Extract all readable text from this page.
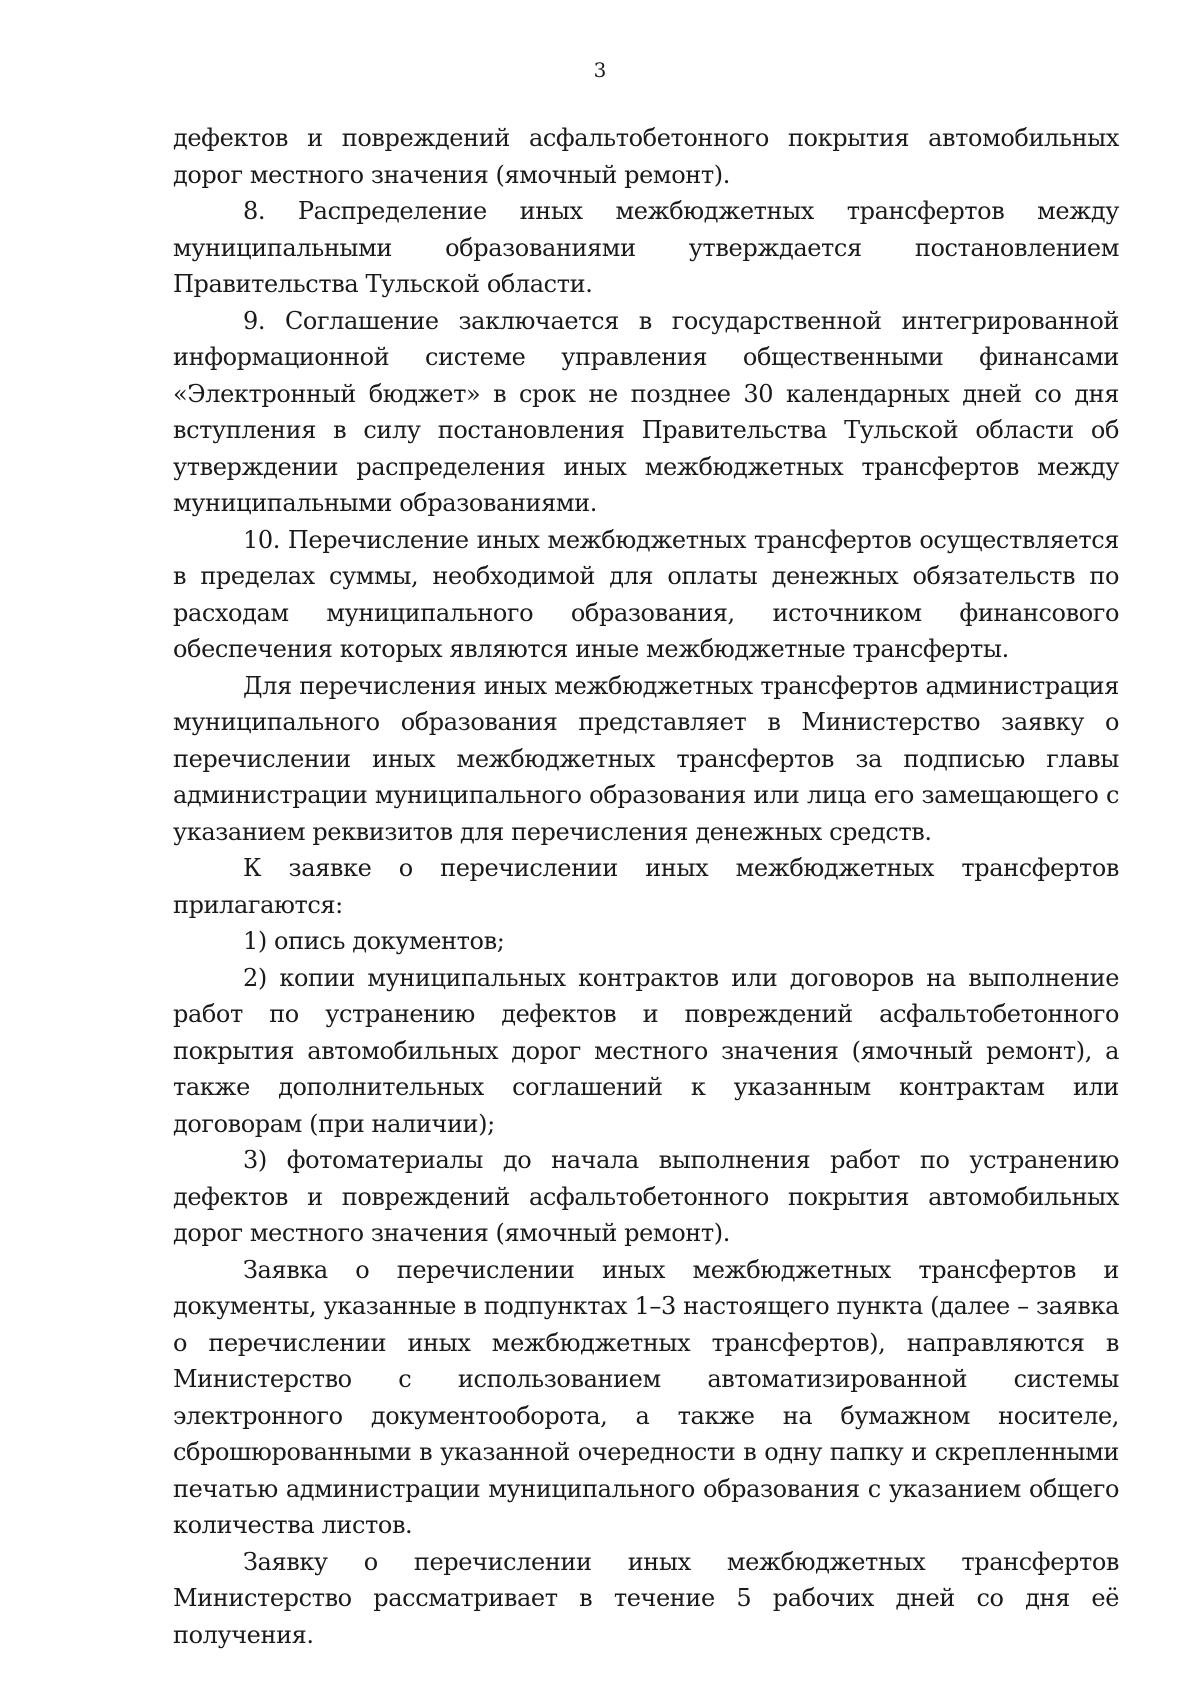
3

дефектов и повреждений асфальтобетонного покрытия автомобильных дорог местного значения (ямочный ремонт).

8. Распределение иных межбюджетных трансфертов между муниципальными образованиями утверждается постановлением Правительства Тульской области.

9. Соглашение заключается в государственной интегрированной информационной системе управления общественными финансами «Электронный бюджет» в срок не позднее 30 календарных дней со дня вступления в силу постановления Правительства Тульской области об утверждении распределения иных межбюджетных трансфертов между муниципальными образованиями.

10. Перечисление иных межбюджетных трансфертов осуществляется в пределах суммы, необходимой для оплаты денежных обязательств по расходам муниципального образования, источником финансового обеспечения которых являются иные межбюджетные трансферты.

Для перечисления иных межбюджетных трансфертов администрация муниципального образования представляет в Министерство заявку о перечислении иных межбюджетных трансфертов за подписью главы администрации муниципального образования или лица его замещающего с указанием реквизитов для перечисления денежных средств.

К заявке о перечислении иных межбюджетных трансфертов прилагаются:

1) опись документов;

2) копии муниципальных контрактов или договоров на выполнение работ по устранению дефектов и повреждений асфальтобетонного покрытия автомобильных дорог местного значения (ямочный ремонт), а также дополнительных соглашений к указанным контрактам или договорам (при наличии);

3) фотоматериалы до начала выполнения работ по устранению дефектов и повреждений асфальтобетонного покрытия автомобильных дорог местного значения (ямочный ремонт).

Заявка о перечислении иных межбюджетных трансфертов и документы, указанные в подпунктах 1–3 настоящего пункта (далее – заявка о перечислении иных межбюджетных трансфертов), направляются в Министерство с использованием автоматизированной системы электронного документооборота, а также на бумажном носителе, сброшюрованными в указанной очередности в одну папку и скрепленными печатью администрации муниципального образования с указанием общего количества листов.

Заявку о перечислении иных межбюджетных трансфертов Министерство рассматривает в течение 5 рабочих дней со дня её получения.
